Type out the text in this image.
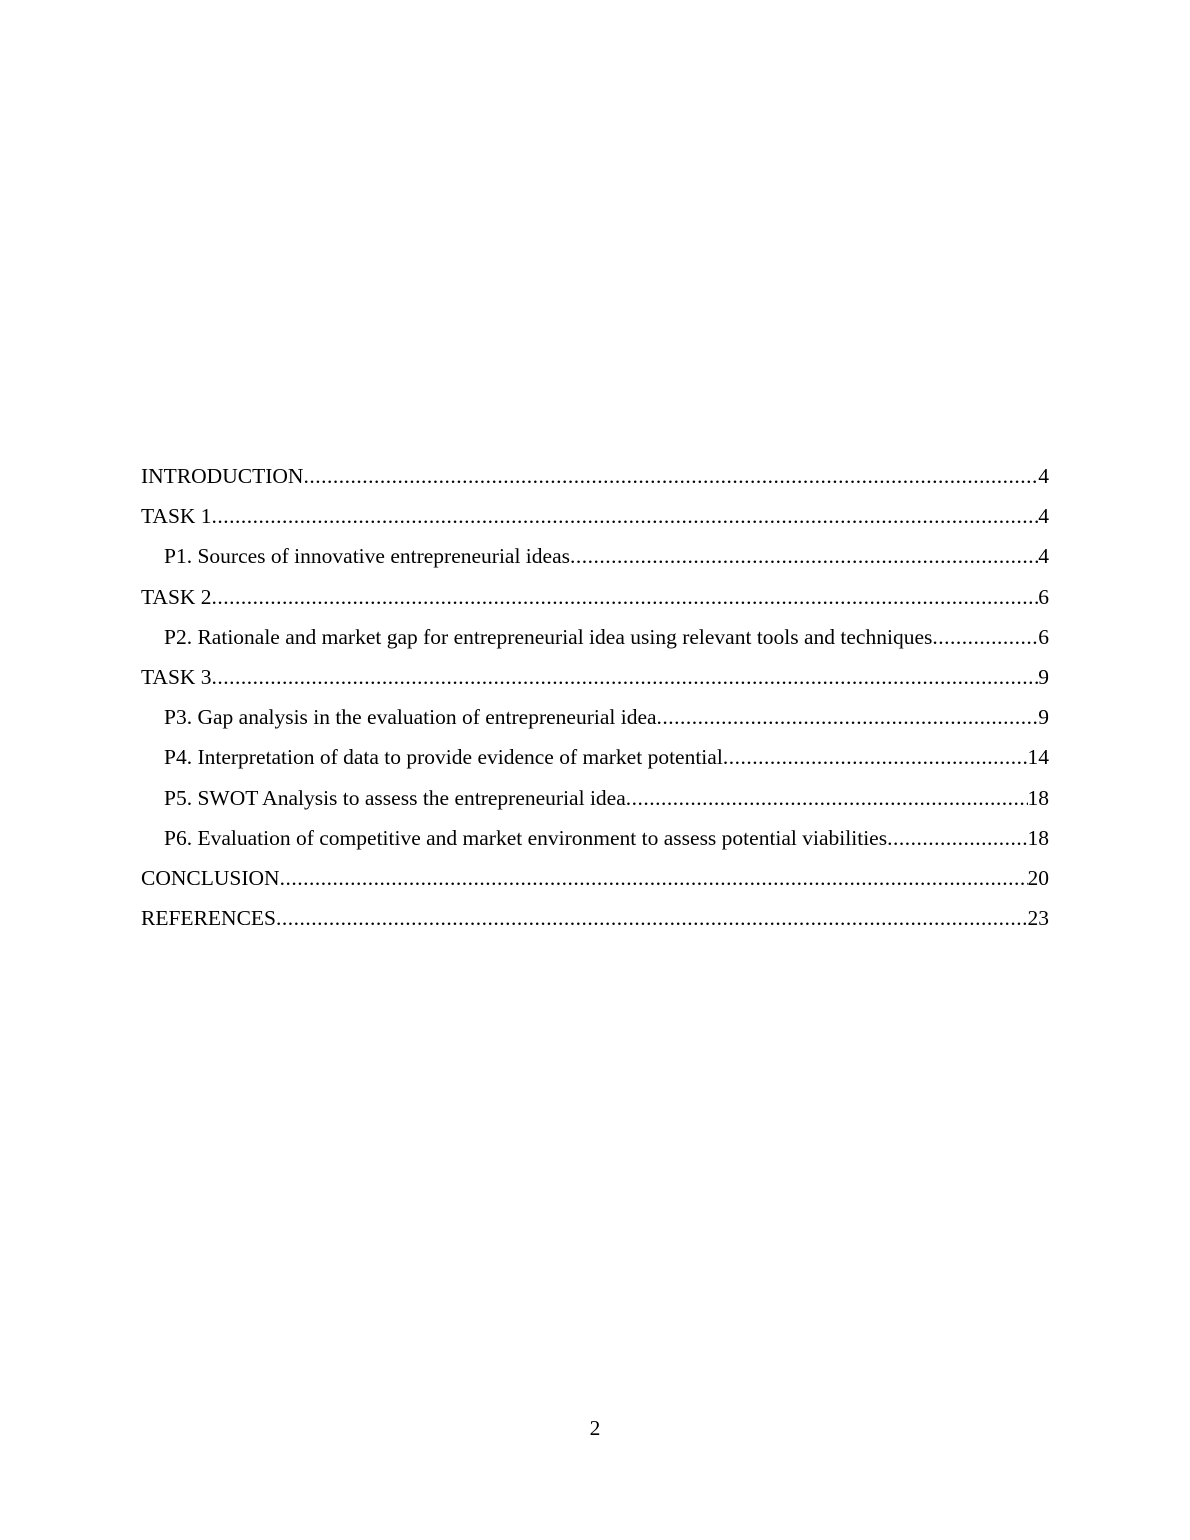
INTRODUCTION .....	4
TASK 1 .....	4
P1. Sources of innovative entrepreneurial ideas .....	4
TASK 2 .....	6
P2. Rationale and market gap for entrepreneurial idea using relevant tools and techniques .....	6
TASK 3 .....	9
P3. Gap analysis in the evaluation of entrepreneurial idea .....	9
P4. Interpretation of data to provide evidence of market potential .....	14
P5. SWOT Analysis to assess the entrepreneurial idea .....	18
P6. Evaluation of competitive and market environment to assess potential viabilities .....	18
CONCLUSION .....	20
REFERENCES .....	23
2
